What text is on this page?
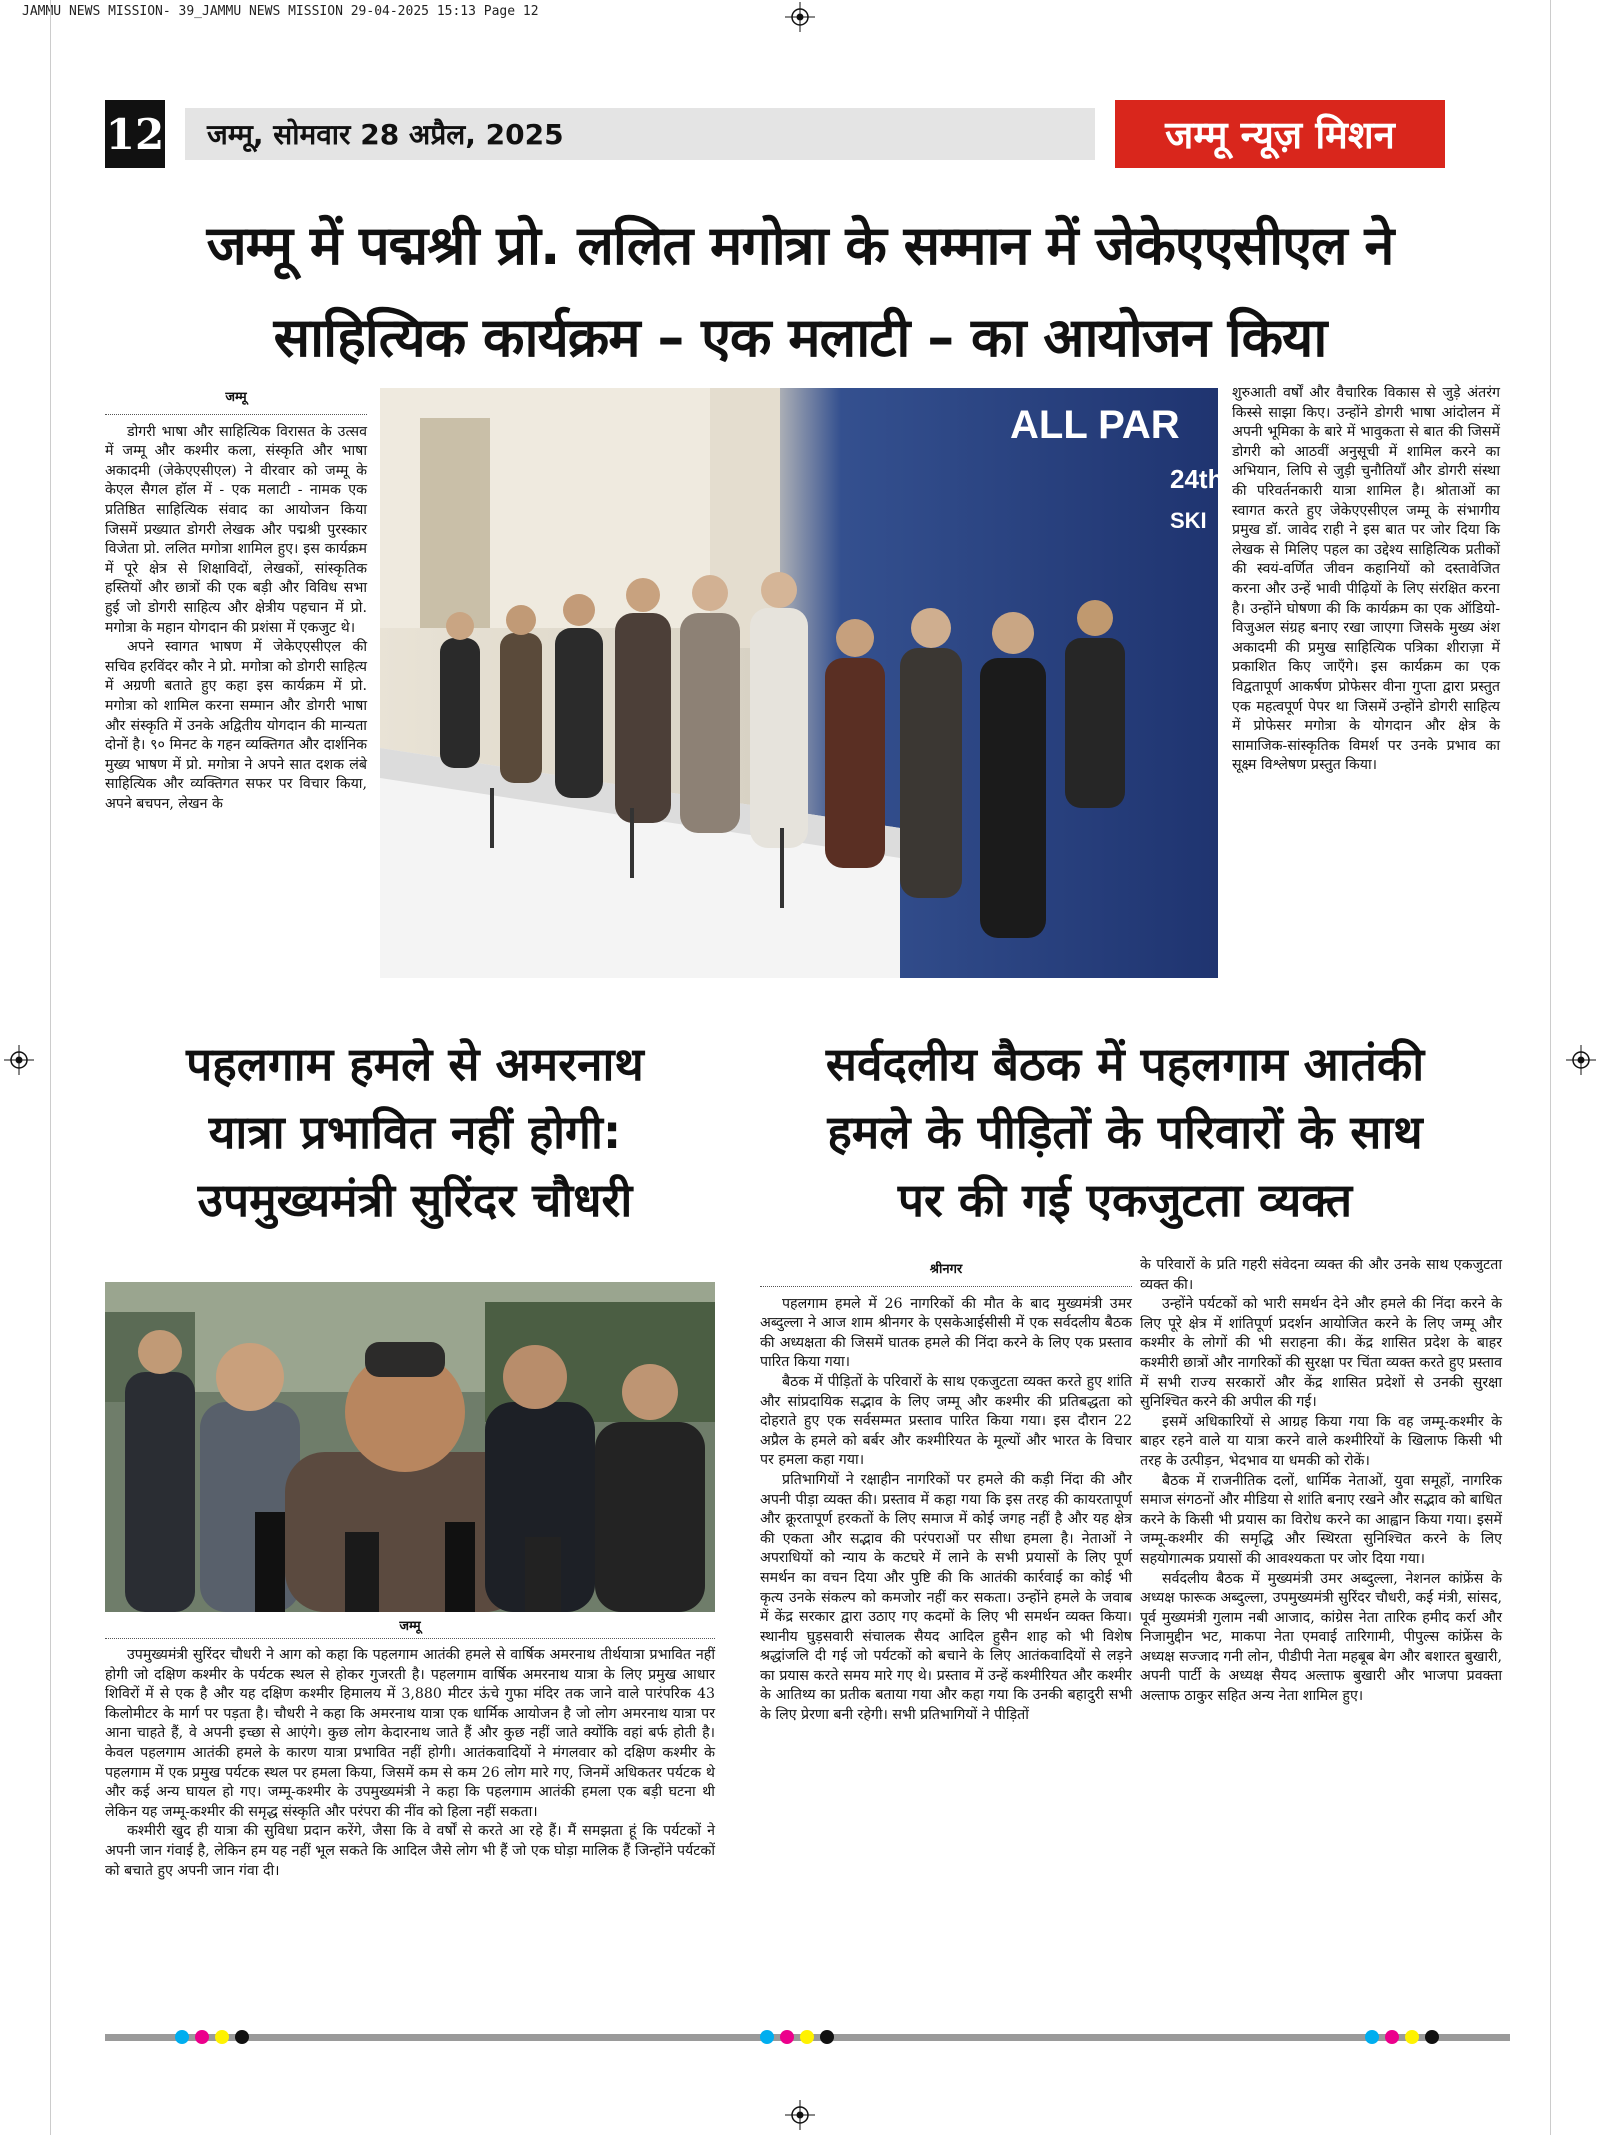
JAMMU NEWS MISSION- 39_JAMMU NEWS MISSION 29-04-2025 15:13 Page 12
12	जम्मू, सोमवार 28 अप्रैल, 2025	जम्मू न्यूज़ मिशन
जम्मू में पद्मश्री प्रो. ललित मगोत्रा के सम्मान में जेकेएएसीएल ने
साहित्यिक कार्यक्रम – एक मलाटी – का आयोजन किया
जम्मू

डोगरी भाषा और साहित्यिक विरासत के उत्सव में जम्मू और कश्मीर कला, संस्कृति और भाषा अकादमी (जेकेएएसीएल) ने वीरवार को जम्मू के केएल सैगल हॉल में - एक मलाटी - नामक एक प्रतिष्ठित साहित्यिक संवाद का आयोजन किया जिसमें प्रख्यात डोगरी लेखक और पद्मश्री पुरस्कार विजेता प्रो. ललित मगोत्रा शामिल हुए। इस कार्यक्रम में पूरे क्षेत्र से शिक्षाविदों, लेखकों, सांस्कृतिक हस्तियों और छात्रों की एक बड़ी और विविध सभा हुई जो डोगरी साहित्य और क्षेत्रीय पहचान में प्रो. मगोत्रा के महान योगदान की प्रशंसा में एकजुट थे।

अपने स्वागत भाषण में जेकेएएसीएल की सचिव हरविंदर कौर ने प्रो. मगोत्रा को डोगरी साहित्य में अग्रणी बताते हुए कहा इस कार्यक्रम में प्रो. मगोत्रा को शामिल करना सम्मान और डोगरी भाषा और संस्कृति में उनके अद्वितीय योगदान की मान्यता दोनों है। ९० मिनट के गहन व्यक्तिगत और दार्शनिक मुख्य भाषण में प्रो. मगोत्रा ने अपने सात दशक लंबे साहित्यिक और व्यक्तिगत सफर पर विचार किया, अपने बचपन, लेखन के

ALL PAR
24th
SKI

शुरुआती वर्षों और वैचारिक विकास से जुड़े अंतरंग किस्से साझा किए। उन्होंने डोगरी भाषा आंदोलन में अपनी भूमिका के बारे में भावुकता से बात की जिसमें डोगरी को आठवीं अनुसूची में शामिल करने का अभियान, लिपि से जुड़ी चुनौतियाँ और डोगरी संस्था की परिवर्तनकारी यात्रा शामिल है। श्रोताओं का स्वागत करते हुए जेकेएएसीएल जम्मू के संभागीय प्रमुख डॉ. जावेद राही ने इस बात पर जोर दिया कि लेखक से मिलिए पहल का उद्देश्य साहित्यिक प्रतीकों की स्वयं-वर्णित जीवन कहानियों को दस्तावेजित करना और उन्हें भावी पीढ़ियों के लिए संरक्षित करना है। उन्होंने घोषणा की कि कार्यक्रम का एक ऑडियो-विजुअल संग्रह बनाए रखा जाएगा जिसके मुख्य अंश अकादमी की प्रमुख साहित्यिक पत्रिका शीराज़ा में प्रकाशित किए जाएँगे। इस कार्यक्रम का एक विद्वतापूर्ण आकर्षण प्रोफेसर वीना गुप्ता द्वारा प्रस्तुत एक महत्वपूर्ण पेपर था जिसमें उन्होंने डोगरी साहित्य में प्रोफेसर मगोत्रा के योगदान और क्षेत्र के सामाजिक-सांस्कृतिक विमर्श पर उनके प्रभाव का सूक्ष्म विश्लेषण प्रस्तुत किया।

पहलगाम हमले से अमरनाथ
यात्रा प्रभावित नहीं होगी:
उपमुख्यमंत्री सुरिंदर चौधरी
सर्वदलीय बैठक में पहलगाम आतंकी
हमले के पीड़ितों के परिवारों के साथ
पर की गई एकजुटता व्यक्त
जम्मू

उपमुख्यमंत्री सुरिंदर चौधरी ने आग को कहा कि पहलगाम आतंकी हमले से वार्षिक अमरनाथ तीर्थयात्रा प्रभावित नहीं होगी जो दक्षिण कश्मीर के पर्यटक स्थल से होकर गुजरती है। पहलगाम वार्षिक अमरनाथ यात्रा के लिए प्रमुख आधार शिविरों में से एक है और यह दक्षिण कश्मीर हिमालय में 3,880 मीटर ऊंचे गुफा मंदिर तक जाने वाले पारंपरिक 43 किलोमीटर के मार्ग पर पड़ता है। चौधरी ने कहा कि अमरनाथ यात्रा एक धार्मिक आयोजन है जो लोग अमरनाथ यात्रा पर आना चाहते हैं, वे अपनी इच्छा से आएंगे। कुछ लोग केदारनाथ जाते हैं और कुछ नहीं जाते क्योंकि वहां बर्फ होती है। केवल पहलगाम आतंकी हमले के कारण यात्रा प्रभावित नहीं होगी। आतंकवादियों ने मंगलवार को दक्षिण कश्मीर के पहलगाम में एक प्रमुख पर्यटक स्थल पर हमला किया, जिसमें कम से कम 26 लोग मारे गए, जिनमें अधिकतर पर्यटक थे और कई अन्य घायल हो गए। जम्मू-कश्मीर के उपमुख्यमंत्री ने कहा कि पहलगाम आतंकी हमला एक बड़ी घटना थी लेकिन यह जम्मू-कश्मीर की समृद्ध संस्कृति और परंपरा की नींव को हिला नहीं सकता।

कश्मीरी खुद ही यात्रा की सुविधा प्रदान करेंगे, जैसा कि वे वर्षों से करते आ रहे हैं। मैं समझता हूं कि पर्यटकों ने अपनी जान गंवाई है, लेकिन हम यह नहीं भूल सकते कि आदिल जैसे लोग भी हैं जो एक घोड़ा मालिक हैं जिन्होंने पर्यटकों को बचाते हुए अपनी जान गंवा दी।

श्रीनगर

पहलगाम हमले में 26 नागरिकों की मौत के बाद मुख्यमंत्री उमर अब्दुल्ला ने आज शाम श्रीनगर के एसकेआईसीसी में एक सर्वदलीय बैठक की अध्यक्षता की जिसमें घातक हमले की निंदा करने के लिए एक प्रस्ताव पारित किया गया।

बैठक में पीड़ितों के परिवारों के साथ एकजुटता व्यक्त करते हुए शांति और सांप्रदायिक सद्भाव के लिए जम्मू और कश्मीर की प्रतिबद्धता को दोहराते हुए एक सर्वसम्मत प्रस्ताव पारित किया गया। इस दौरान 22 अप्रैल के हमले को बर्बर और कश्मीरियत के मूल्यों और भारत के विचार पर हमला कहा गया।

प्रतिभागियों ने रक्षाहीन नागरिकों पर हमले की कड़ी निंदा की और अपनी पीड़ा व्यक्त की। प्रस्ताव में कहा गया कि इस तरह की कायरतापूर्ण और क्रूरतापूर्ण हरकतों के लिए समाज में कोई जगह नहीं है और यह क्षेत्र की एकता और सद्भाव की परंपराओं पर सीधा हमला है। नेताओं ने अपराधियों को न्याय के कटघरे में लाने के सभी प्रयासों के लिए पूर्ण समर्थन का वचन दिया और पुष्टि की कि आतंकी कार्रवाई का कोई भी कृत्य उनके संकल्प को कमजोर नहीं कर सकता। उन्होंने हमले के जवाब में केंद्र सरकार द्वारा उठाए गए कदमों के लिए भी समर्थन व्यक्त किया। स्थानीय घुड़सवारी संचालक सैयद आदिल हुसैन शाह को भी विशेष श्रद्धांजलि दी गई जो पर्यटकों को बचाने के लिए आतंकवादियों से लड़ने का प्रयास करते समय मारे गए थे। प्रस्ताव में उन्हें कश्मीरियत और कश्मीर के आतिथ्य का प्रतीक बताया गया और कहा गया कि उनकी बहादुरी सभी के लिए प्रेरणा बनी रहेगी। सभी प्रतिभागियों ने पीड़ितों

के परिवारों के प्रति गहरी संवेदना व्यक्त की और उनके साथ एकजुटता व्यक्त की।

उन्होंने पर्यटकों को भारी समर्थन देने और हमले की निंदा करने के लिए पूरे क्षेत्र में शांतिपूर्ण प्रदर्शन आयोजित करने के लिए जम्मू और कश्मीर के लोगों की भी सराहना की। केंद्र शासित प्रदेश के बाहर कश्मीरी छात्रों और नागरिकों की सुरक्षा पर चिंता व्यक्त करते हुए प्रस्ताव में सभी राज्य सरकारों और केंद्र शासित प्रदेशों से उनकी सुरक्षा सुनिश्चित करने की अपील की गई।

इसमें अधिकारियों से आग्रह किया गया कि वह जम्मू-कश्मीर के बाहर रहने वाले या यात्रा करने वाले कश्मीरियों के खिलाफ किसी भी तरह के उत्पीड़न, भेदभाव या धमकी को रोकें।

बैठक में राजनीतिक दलों, धार्मिक नेताओं, युवा समूहों, नागरिक समाज संगठनों और मीडिया से शांति बनाए रखने और सद्भाव को बाधित करने के किसी भी प्रयास का विरोध करने का आह्वान किया गया। इसमें जम्मू-कश्मीर की समृद्धि और स्थिरता सुनिश्चित करने के लिए सहयोगात्मक प्रयासों की आवश्यकता पर जोर दिया गया।

सर्वदलीय बैठक में मुख्यमंत्री उमर अब्दुल्ला, नेशनल कांफ्रेंस के अध्यक्ष फारूक अब्दुल्ला, उपमुख्यमंत्री सुरिंदर चौधरी, कई मंत्री, सांसद, पूर्व मुख्यमंत्री गुलाम नबी आजाद, कांग्रेस नेता तारिक हमीद कर्रा और निजामुद्दीन भट, माकपा नेता एमवाई तारिगामी, पीपुल्स कांफ्रेंस के अध्यक्ष सज्जाद गनी लोन, पीडीपी नेता महबूब बेग और बशारत बुखारी, अपनी पार्टी के अध्यक्ष सैयद अल्ताफ बुखारी और भाजपा प्रवक्ता अल्ताफ ठाकुर सहित अन्य नेता शामिल हुए।
